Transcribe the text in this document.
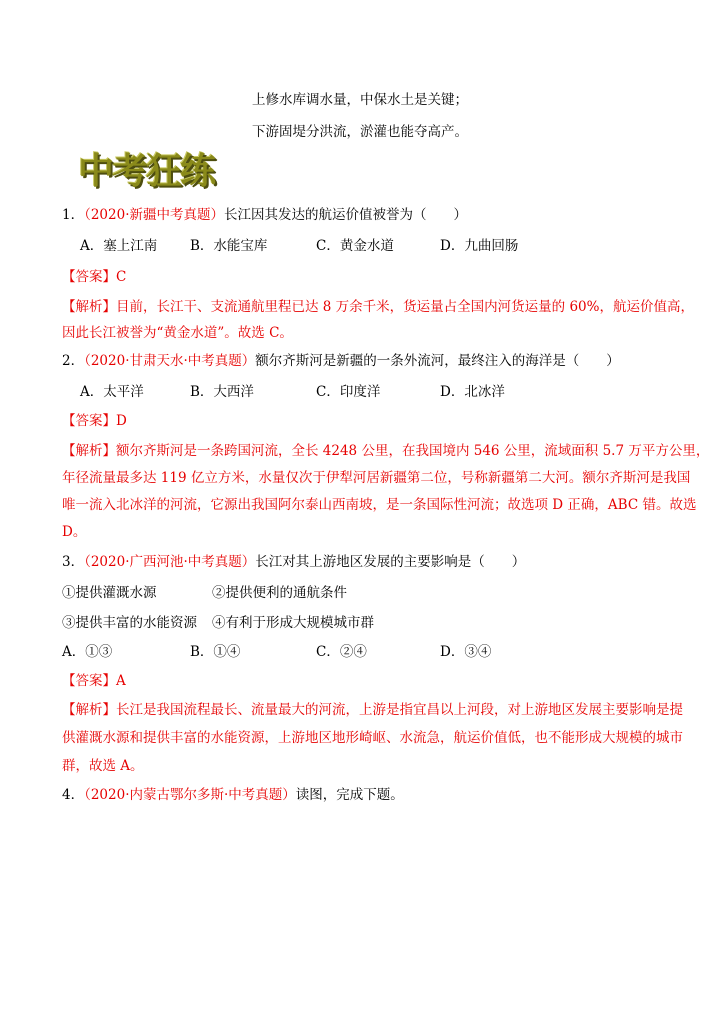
上修水库调水量，中保水土是关键；
下游固堤分洪流，淤灌也能夺高产。
中考狂练
1．（2020·新疆中考真题）长江因其发达的航运价值被誉为（　　）
A．塞上江南 B．水能宝库	C．黄金水道	D．九曲回肠
【答案】C
【解析】目前，长江干、支流通航里程已达 8 万余千米，货运量占全国内河货运量的 60%，航运价值高，
因此长江被誉为“黄金水道”。故选 C。
2．（2020·甘肃天水·中考真题）额尔齐斯河是新疆的一条外流河，最终注入的海洋是（　　）
A．太平洋	B．大西洋	C．印度洋	D．北冰洋
【答案】D
【解析】额尔齐斯河是一条跨国河流，全长 4248 公里，在我国境内 546 公里，流域面积 5.7 万平方公里，
年径流量最多达 119 亿立方米，水量仅次于伊犁河居新疆第二位，号称新疆第二大河。额尔齐斯河是我国
唯一流入北冰洋的河流，它源出我国阿尔泰山西南坡，是一条国际性河流；故选项 D 正确，ABC 错。故选
D。
3．（2020·广西河池·中考真题）长江对其上游地区发展的主要影响是（　　）
①提供灌溉水源	②提供便利的通航条件
③提供丰富的水能资源 ④有利于形成大规模城市群
A．①③	B．①④	C．②④	D．③④
【答案】A
【解析】长江是我国流程最长、流量最大的河流，上游是指宜昌以上河段，对上游地区发展主要影响是提
供灌溉水源和提供丰富的水能资源，上游地区地形崎岖、水流急，航运价值低，也不能形成大规模的城市
群，故选 A。
4．（2020·内蒙古鄂尔多斯·中考真题）读图，完成下题。
